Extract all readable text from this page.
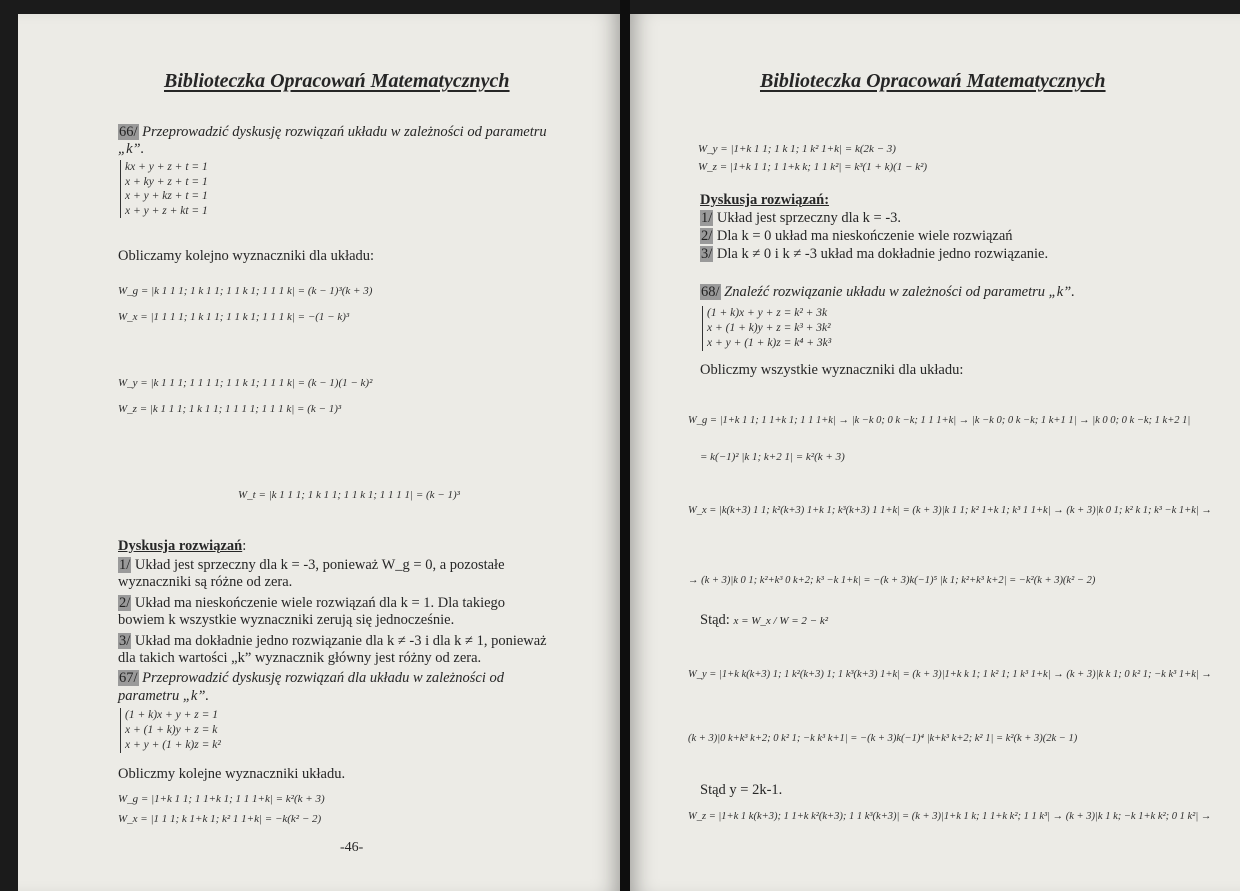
Biblioteczka Opracowań Matematycznych
66/ Przeprowadzić dyskusję rozwiązań układu w zależności od parametru
„k”.
kx + y + z + t = 1
x + ky + z + t = 1
x + y + kz + t = 1
x + y + z + kt = 1
Obliczamy kolejno wyznaczniki dla układu:
W_g = |k 1 1 1; 1 k 1 1; 1 1 k 1; 1 1 1 k| = (k − 1)³(k + 3)
W_x = |1 1 1 1; 1 k 1 1; 1 1 k 1; 1 1 1 k| = −(1 − k)³
W_y = |k 1 1 1; 1 1 1 1; 1 1 k 1; 1 1 1 k| = (k − 1)(1 − k)²
W_z = |k 1 1 1; 1 k 1 1; 1 1 1 1; 1 1 1 k| = (k − 1)³
W_t = |k 1 1 1; 1 k 1 1; 1 1 k 1; 1 1 1 1| = (k − 1)³
Dyskusja rozwiązań:
1/ Układ jest sprzeczny dla k = -3, ponieważ W_g = 0, a pozostałe
wyznaczniki są różne od zera.
2/ Układ ma nieskończenie wiele rozwiązań dla k = 1. Dla takiego
bowiem k wszystkie wyznaczniki zerują się jednocześnie.
3/ Układ ma dokładnie jedno rozwiązanie dla k ≠ -3 i dla k ≠ 1, ponieważ
dla takich wartości „k” wyznacznik główny jest różny od zera.
67/ Przeprowadzić dyskusję rozwiązań dla układu w zależności od
parametru „k”.
(1 + k)x + y + z = 1
x + (1 + k)y + z = k
x + y + (1 + k)z = k²
Obliczmy kolejne wyznaczniki układu.
W_g = |1+k 1 1; 1 1+k 1; 1 1 1+k| = k²(k + 3)
W_x = |1 1 1; k 1+k 1; k² 1 1+k| = −k(k² − 2)
-46-
Biblioteczka Opracowań Matematycznych
W_y = |1+k 1 1; 1 k 1; 1 k² 1+k| = k(2k − 3)
W_z = |1+k 1 1; 1 1+k k; 1 1 k²| = k³(1 + k)(1 − k²)
Dyskusja rozwiązań:
1/ Układ jest sprzeczny dla k = -3.
2/ Dla k = 0 układ ma nieskończenie wiele rozwiązań
3/ Dla k ≠ 0 i k ≠ -3 układ ma dokładnie jedno rozwiązanie.
68/ Znaleźć rozwiązanie układu w zależności od parametru „k”.
(1 + k)x + y + z = k² + 3k
x + (1 + k)y + z = k³ + 3k²
x + y + (1 + k)z = k⁴ + 3k³
Obliczmy wszystkie wyznaczniki dla układu:
W_g = |1+k 1 1; 1 1+k 1; 1 1 1+k| → |k −k 0; 0 k −k; 1 1 1+k| → |k −k 0; 0 k −k; 1 k+1 1| → |k 0 0; 0 k −k; 1 k+2 1|
= k(−1)² |k 1; k+2 1| = k²(k + 3)
W_x = |k(k+3) 1 1; k²(k+3) 1+k 1; k³(k+3) 1 1+k| = (k + 3)|k 1 1; k² 1+k 1; k³ 1 1+k| → (k + 3)|k 0 1; k² k 1; k³ −k 1+k| →
→ (k + 3)|k 0 1; k²+k³ 0 k+2; k³ −k 1+k| = −(k + 3)k(−1)⁵ |k 1; k²+k³ k+2| = −k²(k + 3)(k² − 2)
Stąd: x = W_x / W = 2 − k²
W_y = |1+k k(k+3) 1; 1 k²(k+3) 1; 1 k³(k+3) 1+k| = (k + 3)|1+k k 1; 1 k² 1; 1 k³ 1+k| → (k + 3)|k k 1; 0 k² 1; −k k³ 1+k| →
(k + 3)|0 k+k³ k+2; 0 k² 1; −k k³ k+1| = −(k + 3)k(−1)⁴ |k+k³ k+2; k² 1| = k²(k + 3)(2k − 1)
Stąd y = 2k-1.
W_z = |1+k 1 k(k+3); 1 1+k k²(k+3); 1 1 k³(k+3)| = (k + 3)|1+k 1 k; 1 1+k k²; 1 1 k³| → (k + 3)|k 1 k; −k 1+k k²; 0 1 k²| →
